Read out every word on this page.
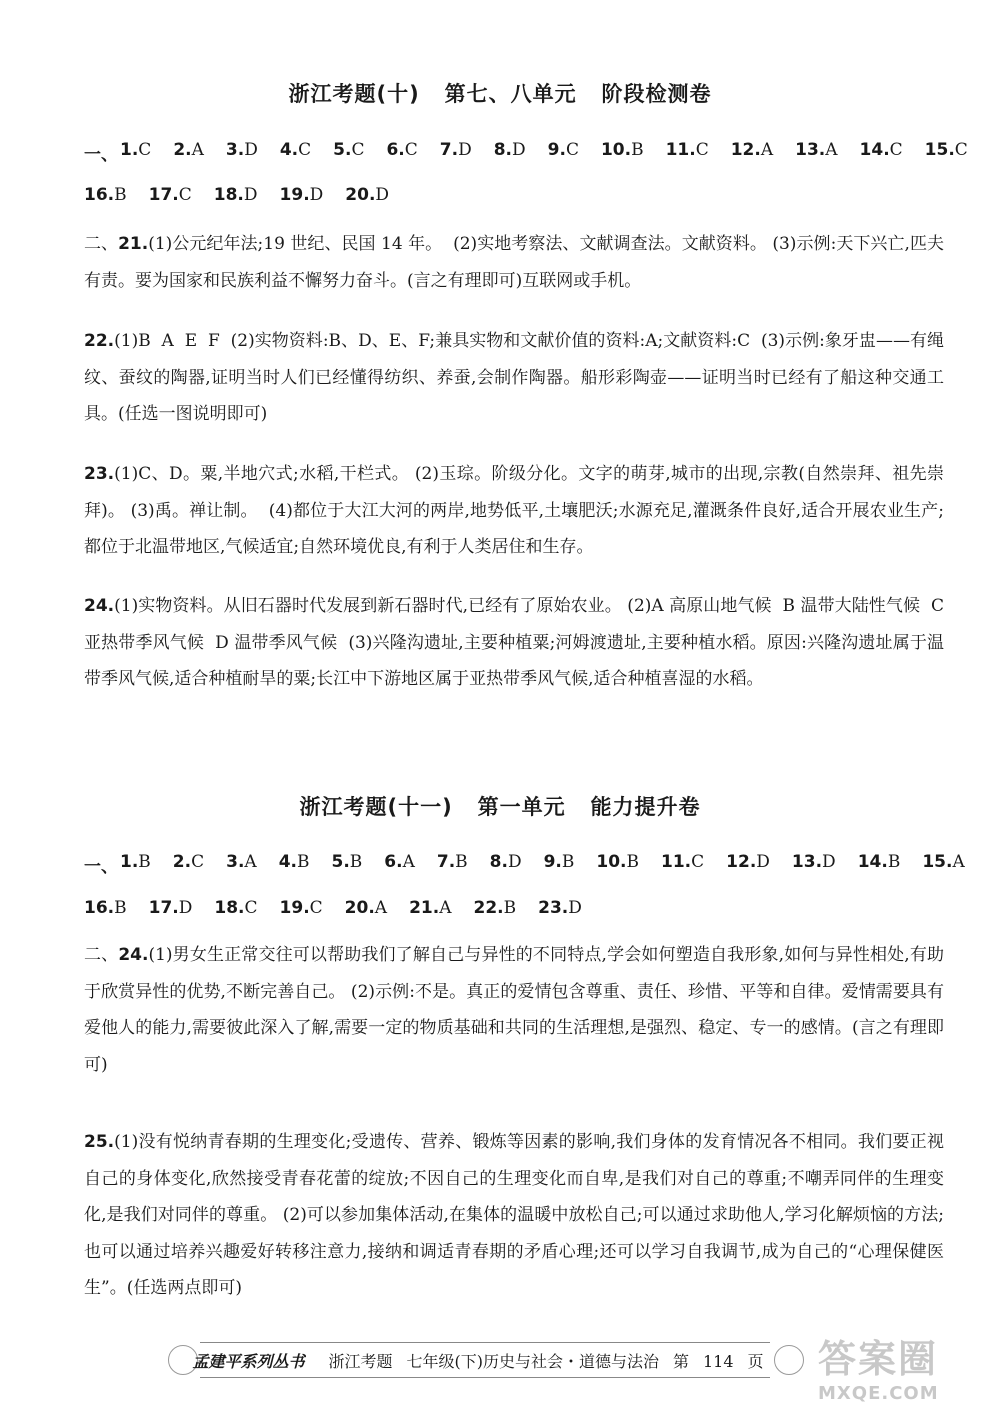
浙江考题(十)   第七、八单元   阶段检测卷
一、 1.C 2.A 3.D 4.C 5.C 6.C 7.D 8.D 9.C 10.B 11.C 12.A 13.A 14.C 15.C
16.B 17.C 18.D 19.D 20.D
二、21.(1)公元纪年法;19 世纪、民国 14 年。  (2)实地考察法、文献调查法。文献资料。 (3)示例:天下兴亡,匹夫有责。要为国家和民族利益不懈努力奋斗。(言之有理即可)互联网或手机。
22.(1)B  A  E  F  (2)实物资料:B、D、E、F;兼具实物和文献价值的资料:A;文献资料:C  (3)示例:象牙盅——有绳纹、蚕纹的陶器,证明当时人们已经懂得纺织、养蚕,会制作陶器。船形彩陶壶——证明当时已经有了船这种交通工具。(任选一图说明即可)
23.(1)C、D。粟,半地穴式;水稻,干栏式。 (2)玉琮。阶级分化。文字的萌芽,城市的出现,宗教(自然崇拜、祖先崇拜)。 (3)禹。禅让制。  (4)都位于大江大河的两岸,地势低平,土壤肥沃;水源充足,灌溉条件良好,适合开展农业生产;都位于北温带地区,气候适宜;自然环境优良,有利于人类居住和生存。
24.(1)实物资料。从旧石器时代发展到新石器时代,已经有了原始农业。 (2)A 高原山地气候  B 温带大陆性气候  C 亚热带季风气候  D 温带季风气候  (3)兴隆沟遗址,主要种植粟;河姆渡遗址,主要种植水稻。原因:兴隆沟遗址属于温带季风气候,适合种植耐旱的粟;长江中下游地区属于亚热带季风气候,适合种植喜湿的水稻。
浙江考题(十一)   第一单元   能力提升卷
一、 1.B 2.C 3.A 4.B 5.B 6.A 7.B 8.D 9.B 10.B 11.C 12.D 13.D 14.B 15.A
16.B 17.D 18.C 19.C 20.A 21.A 22.B 23.D
二、24.(1)男女生正常交往可以帮助我们了解自己与异性的不同特点,学会如何塑造自我形象,如何与异性相处,有助于欣赏异性的优势,不断完善自己。 (2)示例:不是。真正的爱情包含尊重、责任、珍惜、平等和自律。爱情需要具有爱他人的能力,需要彼此深入了解,需要一定的物质基础和共同的生活理想,是强烈、稳定、专一的感情。(言之有理即可)
25.(1)没有悦纳青春期的生理变化;受遗传、营养、锻炼等因素的影响,我们身体的发育情况各不相同。我们要正视自己的身体变化,欣然接受青春花蕾的绽放;不因自己的生理变化而自卑,是我们对自己的尊重;不嘲弄同伴的生理变化,是我们对同伴的尊重。 (2)可以参加集体活动,在集体的温暖中放松自己;可以通过求助他人,学习化解烦恼的方法;也可以通过培养兴趣爱好转移注意力,接纳和调适青春期的矛盾心理;还可以学习自我调节,成为自己的“心理保健医生”。(任选两点即可)
孟建平系列丛书 浙江考题 七年级(下)历史与社会・道德与法治 第 114 页	答案圈
MXQE.COM
